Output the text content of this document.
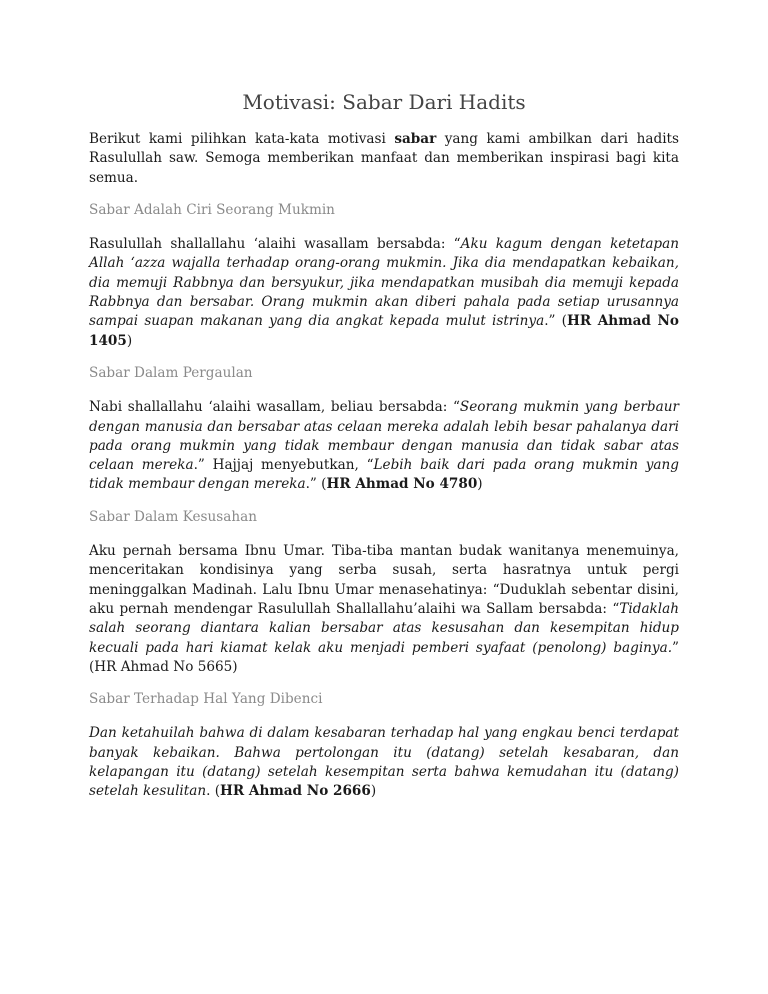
Motivasi: Sabar Dari Hadits

Berikut kami pilihkan kata-kata motivasi sabar yang kami ambilkan dari hadits Rasulullah saw. Semoga memberikan manfaat dan memberikan inspirasi bagi kita semua.

Sabar Adalah Ciri Seorang Mukmin

Rasulullah shallallahu ‘alaihi wasallam bersabda: “Aku kagum dengan ketetapan Allah ‘azza wajalla terhadap orang-orang mukmin. Jika dia mendapatkan kebaikan, dia memuji Rabbnya dan bersyukur, jika mendapatkan musibah dia memuji kepada Rabbnya dan bersabar. Orang mukmin akan diberi pahala pada setiap urusannya sampai suapan makanan yang dia angkat kepada mulut istrinya.” (HR Ahmad No 1405)

Sabar Dalam Pergaulan

Nabi shallallahu ‘alaihi wasallam, beliau bersabda: “Seorang mukmin yang berbaur dengan manusia dan bersabar atas celaan mereka adalah lebih besar pahalanya dari pada orang mukmin yang tidak membaur dengan manusia dan tidak sabar atas celaan mereka.” Hajjaj menyebutkan, “Lebih baik dari pada orang mukmin yang tidak membaur dengan mereka.” (HR Ahmad No 4780)

Sabar Dalam Kesusahan

Aku pernah bersama Ibnu Umar. Tiba-tiba mantan budak wanitanya menemuinya, menceritakan kondisinya yang serba susah, serta hasratnya untuk pergi meninggalkan Madinah. Lalu Ibnu Umar menasehatinya: “Duduklah sebentar disini, aku pernah mendengar Rasulullah Shallallahu’alaihi wa Sallam bersabda: “Tidaklah salah seorang diantara kalian bersabar atas kesusahan dan kesempitan hidup kecuali pada hari kiamat kelak aku menjadi pemberi syafaat (penolong) baginya.” (HR Ahmad No 5665)

Sabar Terhadap Hal Yang Dibenci

Dan ketahuilah bahwa di dalam kesabaran terhadap hal yang engkau benci terdapat banyak kebaikan. Bahwa pertolongan itu (datang) setelah kesabaran, dan kelapangan itu (datang) setelah kesempitan serta bahwa kemudahan itu (datang) setelah kesulitan. (HR Ahmad No 2666)
